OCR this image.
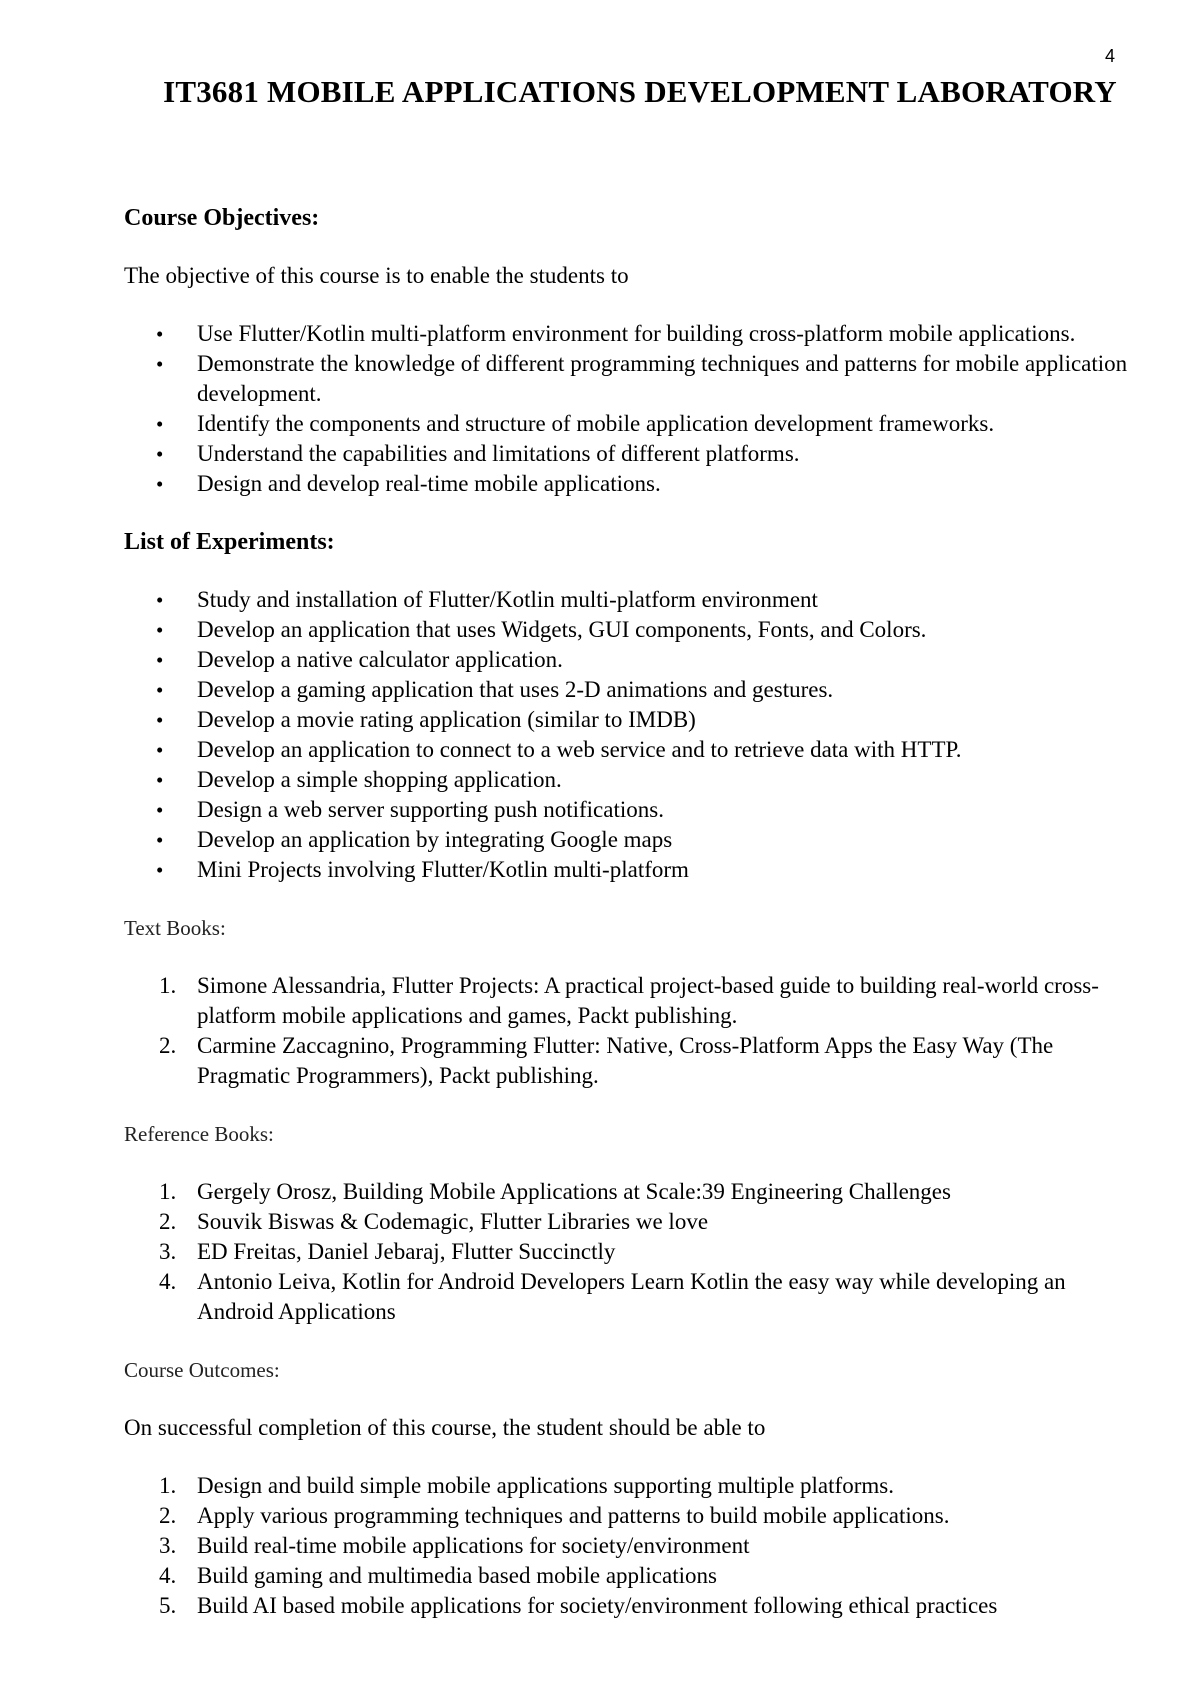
4
IT3681 MOBILE APPLICATIONS DEVELOPMENT LABORATORY

Course Objectives:

The objective of this course is to enable the students to

• Use Flutter/Kotlin multi-platform environment for building cross-platform mobile applications.
• Demonstrate the knowledge of different programming techniques and patterns for mobile application development.
• Identify the components and structure of mobile application development frameworks.
• Understand the capabilities and limitations of different platforms.
• Design and develop real-time mobile applications.

List of Experiments:

• Study and installation of Flutter/Kotlin multi-platform environment
• Develop an application that uses Widgets, GUI components, Fonts, and Colors.
• Develop a native calculator application.
• Develop a gaming application that uses 2-D animations and gestures.
• Develop a movie rating application (similar to IMDB)
• Develop an application to connect to a web service and to retrieve data with HTTP.
• Develop a simple shopping application.
• Design a web server supporting push notifications.
• Develop an application by integrating Google maps
• Mini Projects involving Flutter/Kotlin multi-platform

Text Books:

1. Simone Alessandria, Flutter Projects: A practical project-based guide to building real-world cross-platform mobile applications and games, Packt publishing.
2. Carmine Zaccagnino, Programming Flutter: Native, Cross-Platform Apps the Easy Way (The Pragmatic Programmers), Packt publishing.

Reference Books:

1. Gergely Orosz, Building Mobile Applications at Scale:39 Engineering Challenges
2. Souvik Biswas & Codemagic, Flutter Libraries we love
3. ED Freitas, Daniel Jebaraj, Flutter Succinctly
4. Antonio Leiva, Kotlin for Android Developers Learn Kotlin the easy way while developing an Android Applications

Course Outcomes:

On successful completion of this course, the student should be able to

1. Design and build simple mobile applications supporting multiple platforms.
2. Apply various programming techniques and patterns to build mobile applications.
3. Build real-time mobile applications for society/environment
4. Build gaming and multimedia based mobile applications
5. Build AI based mobile applications for society/environment following ethical practices
